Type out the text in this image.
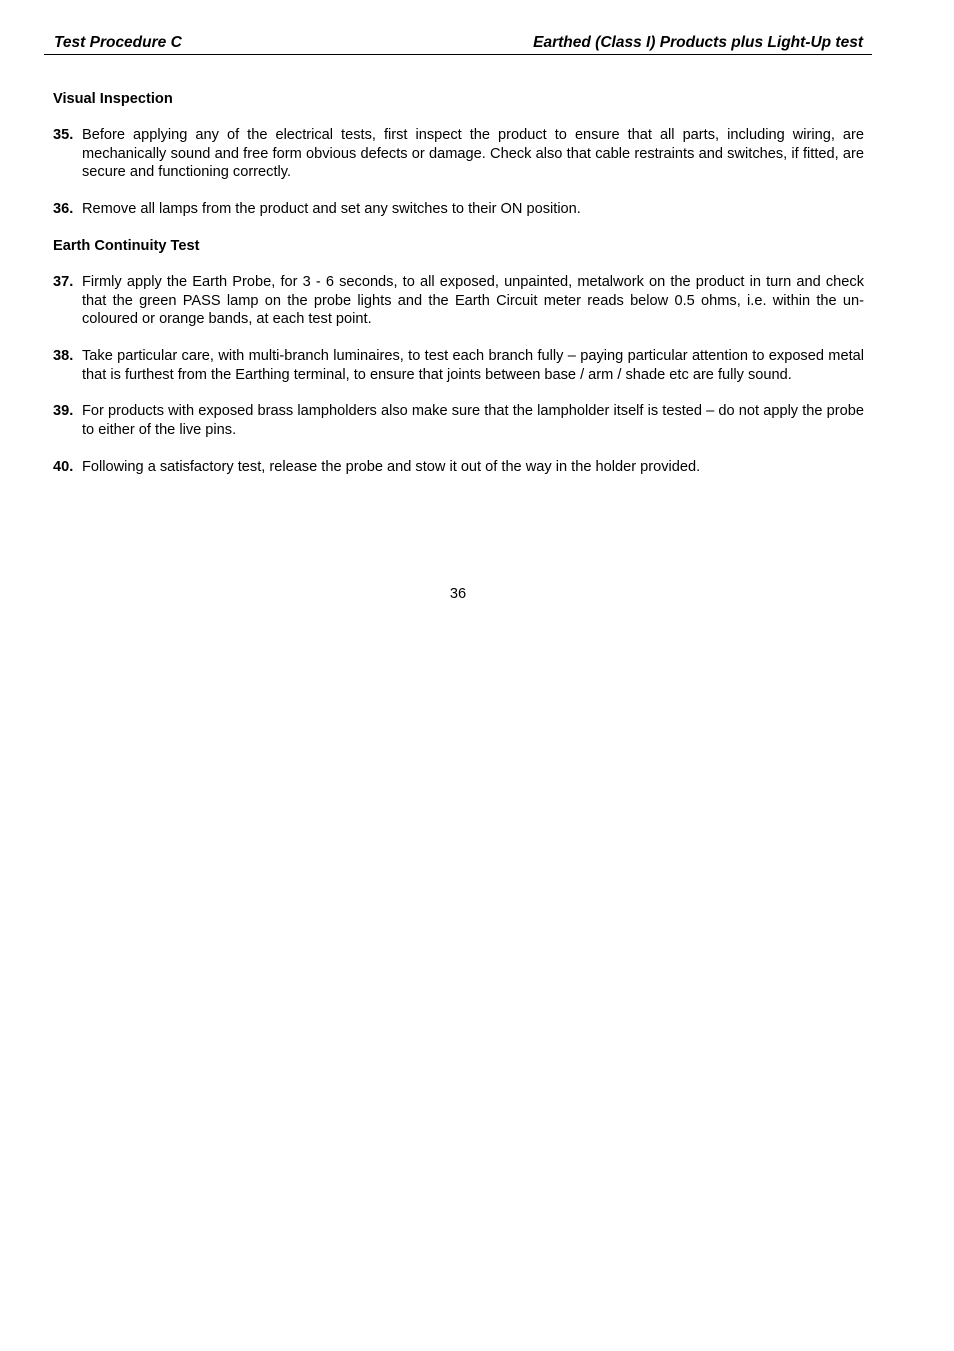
Test Procedure C	Earthed (Class I) Products plus Light-Up test
Visual Inspection
35. Before applying any of the electrical tests, first inspect the product to ensure that all parts, including wiring, are mechanically sound and free form obvious defects or damage. Check also that cable restraints and switches, if fitted, are secure and functioning correctly.
36. Remove all lamps from the product and set any switches to their ON position.
Earth Continuity Test
37. Firmly apply the Earth Probe, for 3 - 6 seconds, to all exposed, unpainted, metalwork on the product in turn and check that the green PASS lamp on the probe lights and the Earth Circuit meter reads below 0.5 ohms, i.e. within the un-coloured or orange bands, at each test point.
38. Take particular care, with multi-branch luminaires, to test each branch fully – paying particular attention to exposed metal that is furthest from the Earthing terminal, to ensure that joints between base / arm / shade etc are fully sound.
39. For products with exposed brass lampholders also make sure that the lampholder itself is tested – do not apply the probe to either of the live pins.
40. Following a satisfactory test, release the probe and stow it out of the way in the holder provided.
36
